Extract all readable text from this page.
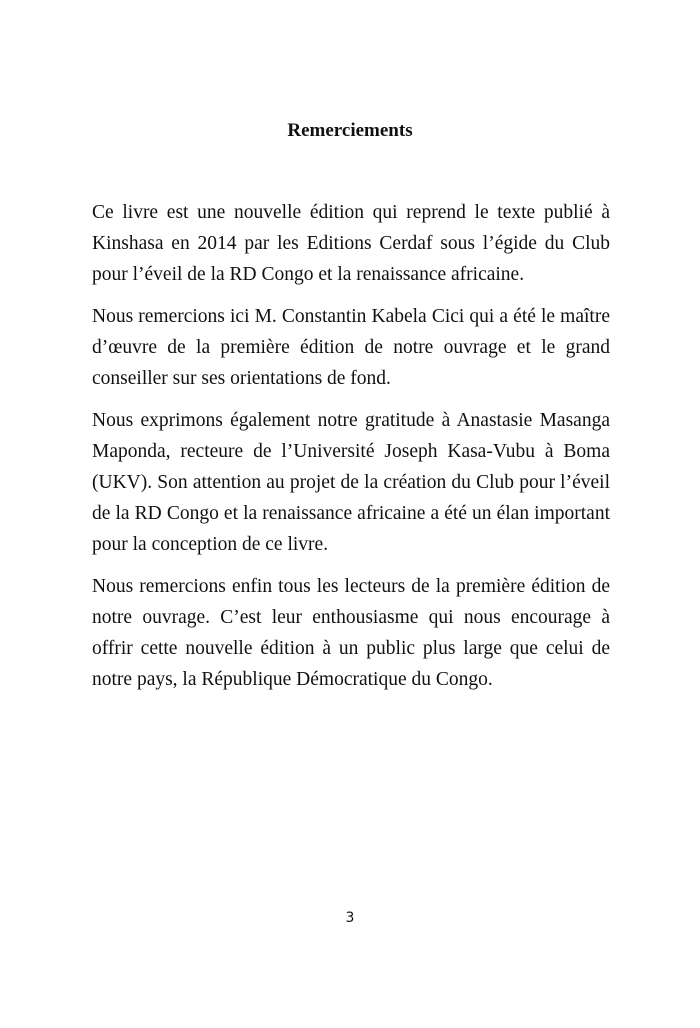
Remerciements

Ce livre est une nouvelle édition qui reprend le texte publié à Kinshasa en 2014 par les Editions Cerdaf sous l’égide du Club pour l’éveil de la RD Congo et la renaissance africaine.

Nous remercions ici M. Constantin Kabela Cici qui a été le maître d’œuvre de la première édition de notre ouvrage et le grand conseiller sur ses orientations de fond.

Nous exprimons également notre gratitude à Anastasie Masanga Maponda, recteure de l’Université Joseph Kasa-Vubu à Boma (UKV). Son attention au projet de la création du Club pour l’éveil de la RD Congo et la renaissance africaine a été un élan important pour la conception de ce livre.

Nous remercions enfin tous les lecteurs de la première édition de notre ouvrage. C’est leur enthousiasme qui nous encourage à offrir cette nouvelle édition à un public plus large que celui de notre pays, la République Démocratique du Congo.

3
